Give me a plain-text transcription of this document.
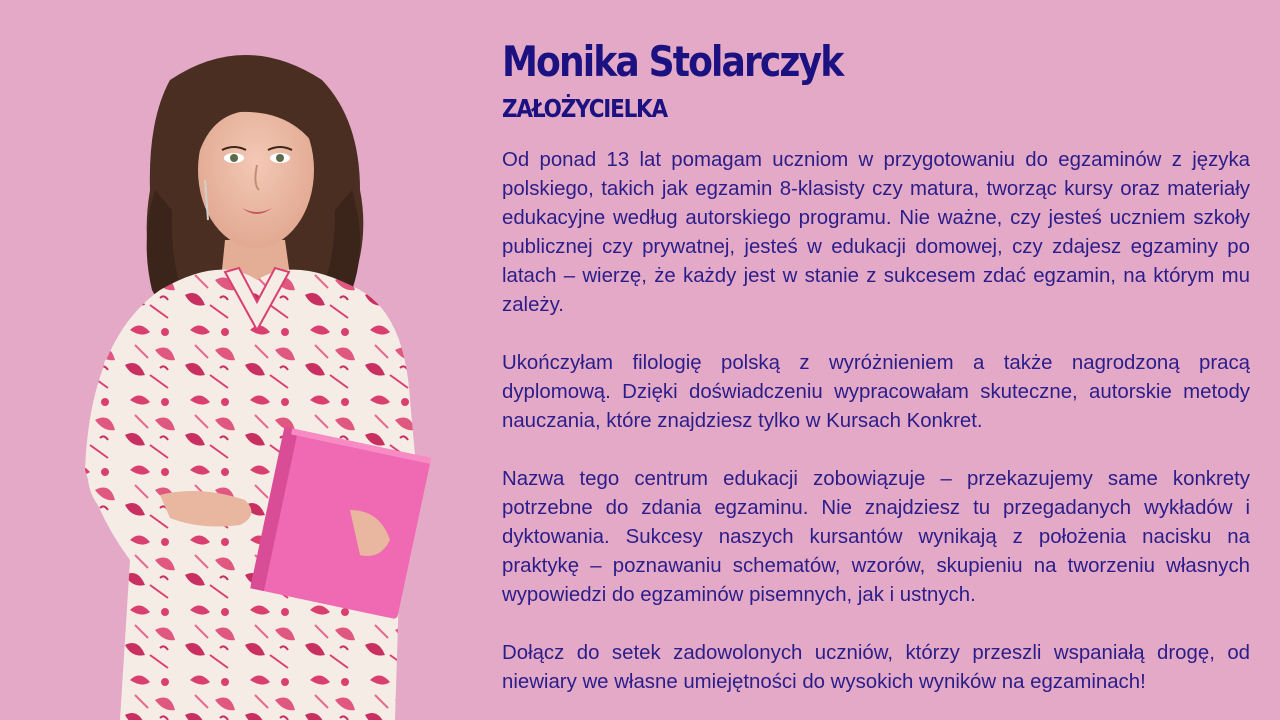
Monika Stolarczyk
ZAŁOŻYCIELKA

Od ponad 13 lat pomagam uczniom w przygotowaniu do egzaminów z języka polskiego, takich jak egzamin 8-klasisty czy matura, tworząc kursy oraz materiały edukacyjne według autorskiego programu. Nie ważne, czy jesteś uczniem szkoły publicznej czy prywatnej, jesteś w edukacji domowej, czy zdajesz egzaminy po latach – wierzę, że każdy jest w stanie z sukcesem zdać egzamin, na którym mu zależy.

Ukończyłam filologię polską z wyróżnieniem a także nagrodzoną pracą dyplomową. Dzięki doświadczeniu wypracowałam skuteczne, autorskie metody nauczania, które znajdziesz tylko w Kursach Konkret.

Nazwa tego centrum edukacji zobowiązuje – przekazujemy same konkrety potrzebne do zdania egzaminu. Nie znajdziesz tu przegadanych wykładów i dyktowania. Sukcesy naszych kursantów wynikają z położenia nacisku na praktykę – poznawaniu schematów, wzorów, skupieniu na tworzeniu własnych wypowiedzi do egzaminów pisemnych, jak i ustnych.

Dołącz do setek zadowolonych uczniów, którzy przeszli wspaniałą drogę, od niewiary we własne umiejętności do wysokich wyników na egzaminach!
